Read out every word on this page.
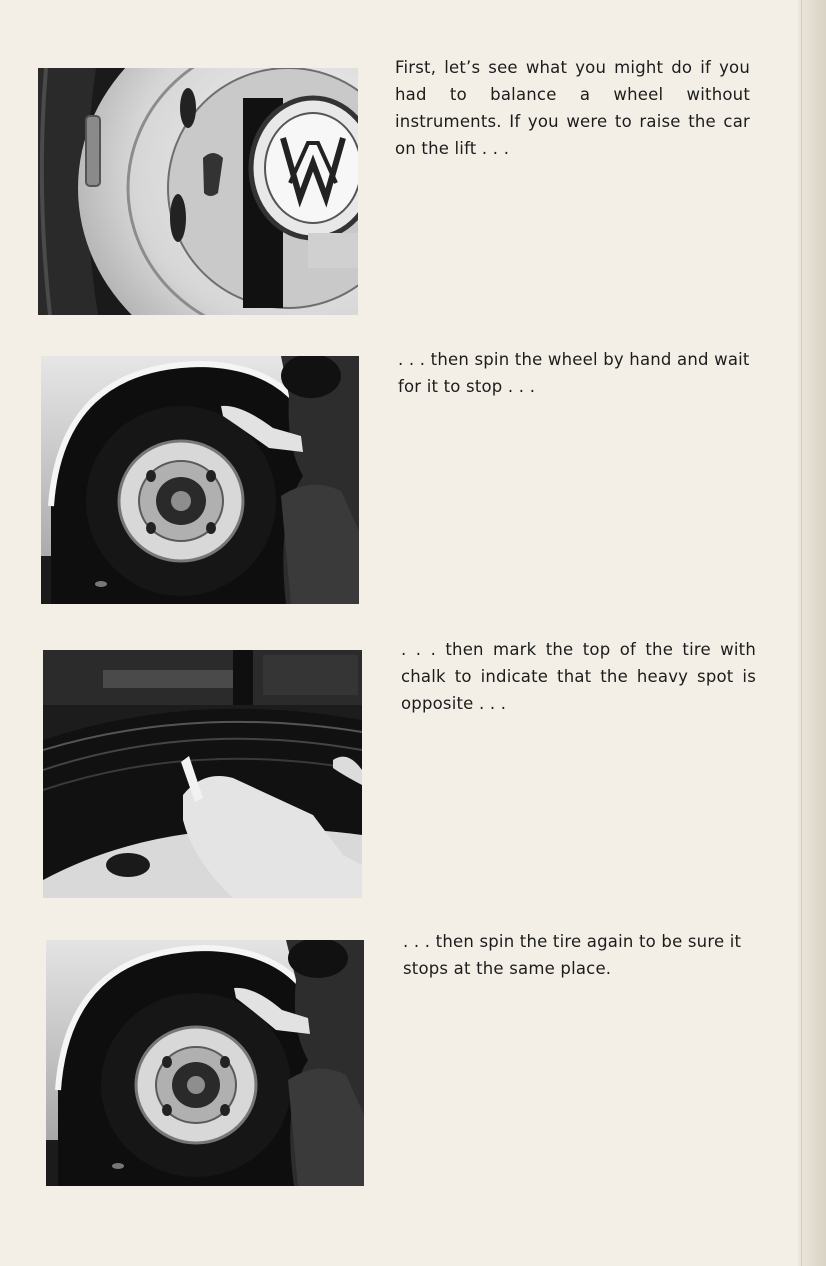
First, let’s see what you might do if you had to balance a wheel without instruments. If you were to raise the car on the lift . . .

. . . then spin the wheel by hand and wait for it to stop . . .

. . . then mark the top of the tire with chalk to indicate that the heavy spot is opposite . . .

. . . then spin the tire again to be sure it stops at the same place.
